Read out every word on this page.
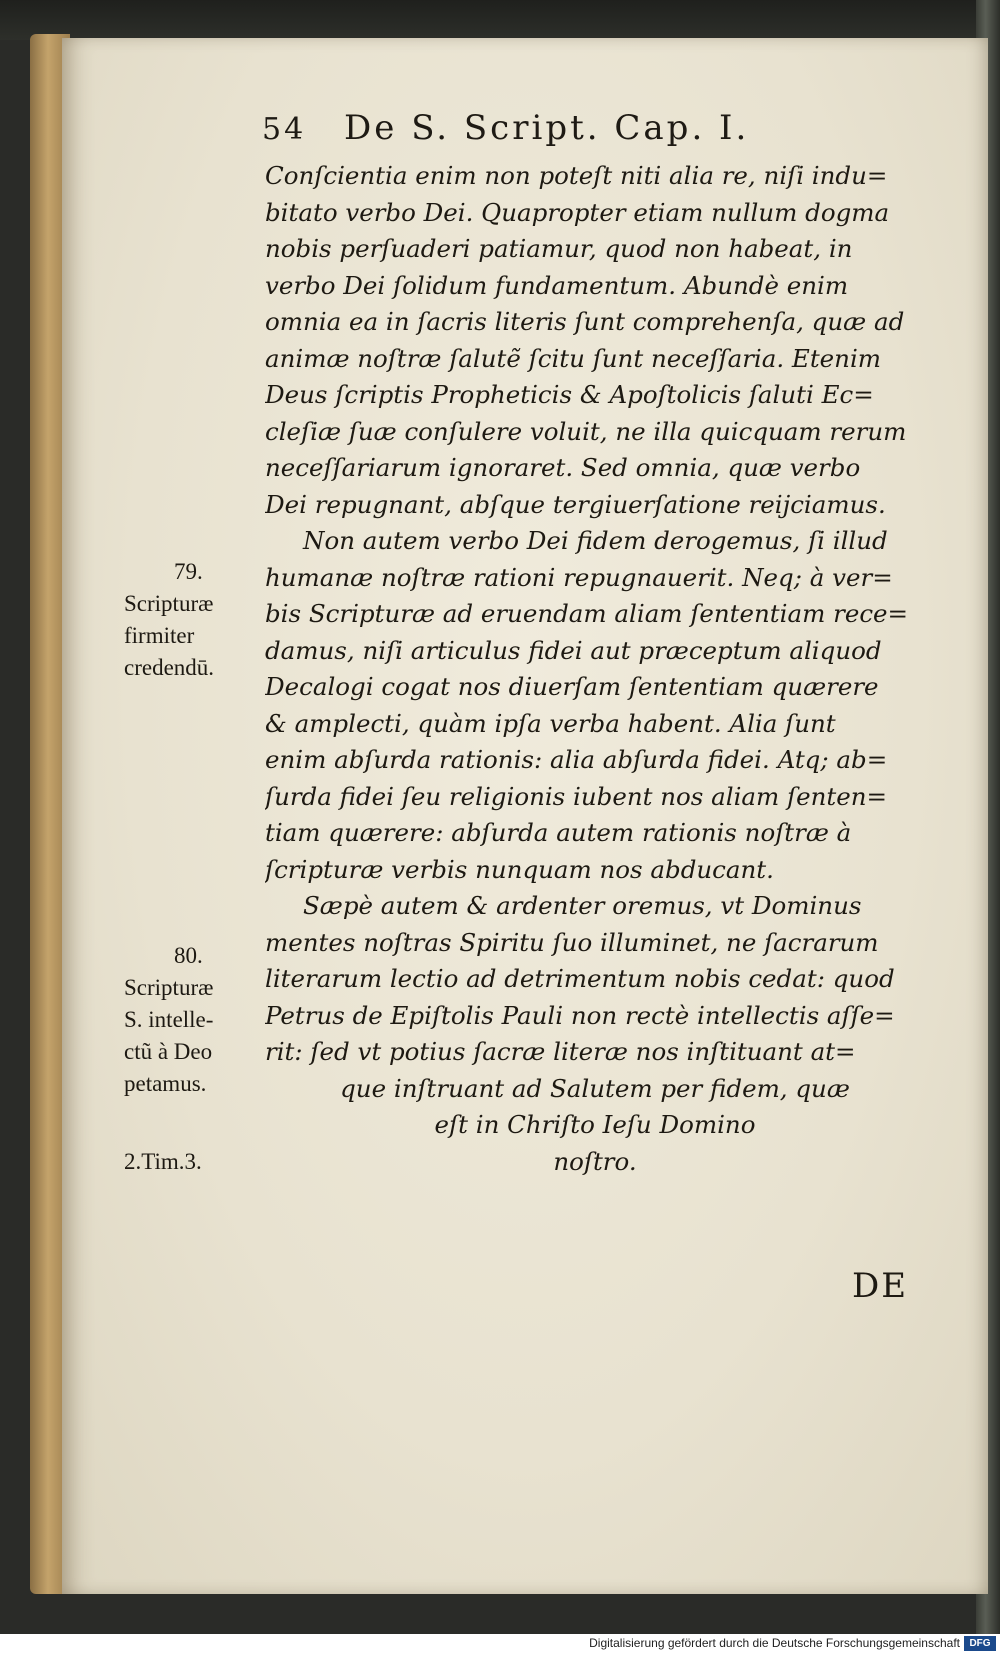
54 De S. Script. Cap. I.
Conſcientia enim non poteſt niti alia re, niſi indu=
bitato verbo Dei. Quapropter etiam nullum dogma
nobis perſuaderi patiamur, quod non habeat, in
verbo Dei ſolidum fundamentum. Abundè enim
omnia ea in ſacris literis ſunt comprehenſa, quæ ad
animæ noſtræ ſalutẽ ſcitu ſunt neceſſaria. Etenim
Deus ſcriptis Propheticis & Apoſtolicis ſaluti Ec=
cleſiæ ſuæ conſulere voluit, ne illa quicquam rerum
neceſſariarum ignoraret. Sed omnia, quæ verbo
Dei repugnant, abſque tergiuerſatione reijciamus.
Non autem verbo Dei fidem derogemus, ſi illud
humanæ noſtræ rationi repugnauerit. Neq; à ver=
bis Scripturæ ad eruendam aliam ſententiam rece=
damus, niſi articulus fidei aut præceptum aliquod
Decalogi cogat nos diuerſam ſententiam quærere
& amplecti, quàm ipſa verba habent. Alia ſunt
enim abſurda rationis: alia abſurda fidei. Atq; ab=
ſurda fidei ſeu religionis iubent nos aliam ſenten=
tiam quærere: abſurda autem rationis noſtræ à
ſcripturæ verbis nunquam nos abducant.
Sæpè autem & ardenter oremus, vt Dominus
mentes noſtras Spiritu ſuo illuminet, ne ſacrarum
literarum lectio ad detrimentum nobis cedat: quod
Petrus de Epiſtolis Pauli non rectè intellectis aſſe=
rit: ſed vt potius ſacræ literæ nos inſtituant at=
que inſtruant ad Salutem per fidem, quæ
eſt in Chriſto Ieſu Domino
noſtro.
79.
Scripturæ
firmiter
credendū.
80.
Scripturæ
S. intelle-
ctũ à Deo
petamus.
2.Tim.3.
DE
Digitalisierung gefördert durch die Deutsche Forschungsgemeinschaft DFG
